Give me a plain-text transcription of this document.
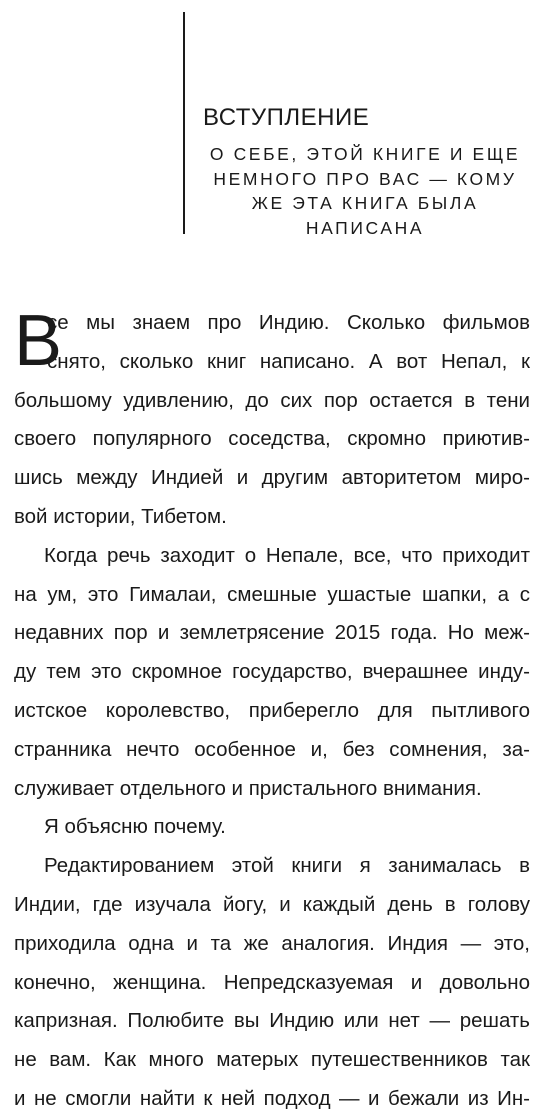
ВСТУПЛЕНИЕ
О СЕБЕ, ЭТОЙ КНИГЕ И ЕЩЕ
НЕМНОГО ПРО ВАС — КОМУ
ЖЕ ЭТА КНИГА БЫЛА
НАПИСАНА

В
се мы знаем про Индию. Сколько фильмов
снято, сколько книг написано. А вот Непал, к
большому удивлению, до сих пор остается в тени
своего популярного соседства, скромно приютив-
шись между Индией и другим авторитетом миро-
вой истории, Тибетом.

Когда речь заходит о Непале, все, что приходит
на ум, это Гималаи, смешные ушастые шапки, а с
недавних пор и землетрясение 2015 года. Но меж-
ду тем это скромное государство, вчерашнее инду-
истское королевство, приберегло для пытливого
странника нечто особенное и, без сомнения, за-
служивает отдельного и пристального внимания.

Я объясню почему.

Редактированием этой книги я занималась в
Индии, где изучала йогу, и каждый день в голову
приходила одна и та же аналогия. Индия — это,
конечно, женщина. Непредсказуемая и довольно
капризная. Полюбите вы Индию или нет — решать
не вам. Как много матерых путешественников так
и не смогли найти к ней подход — и бежали из Ин-
